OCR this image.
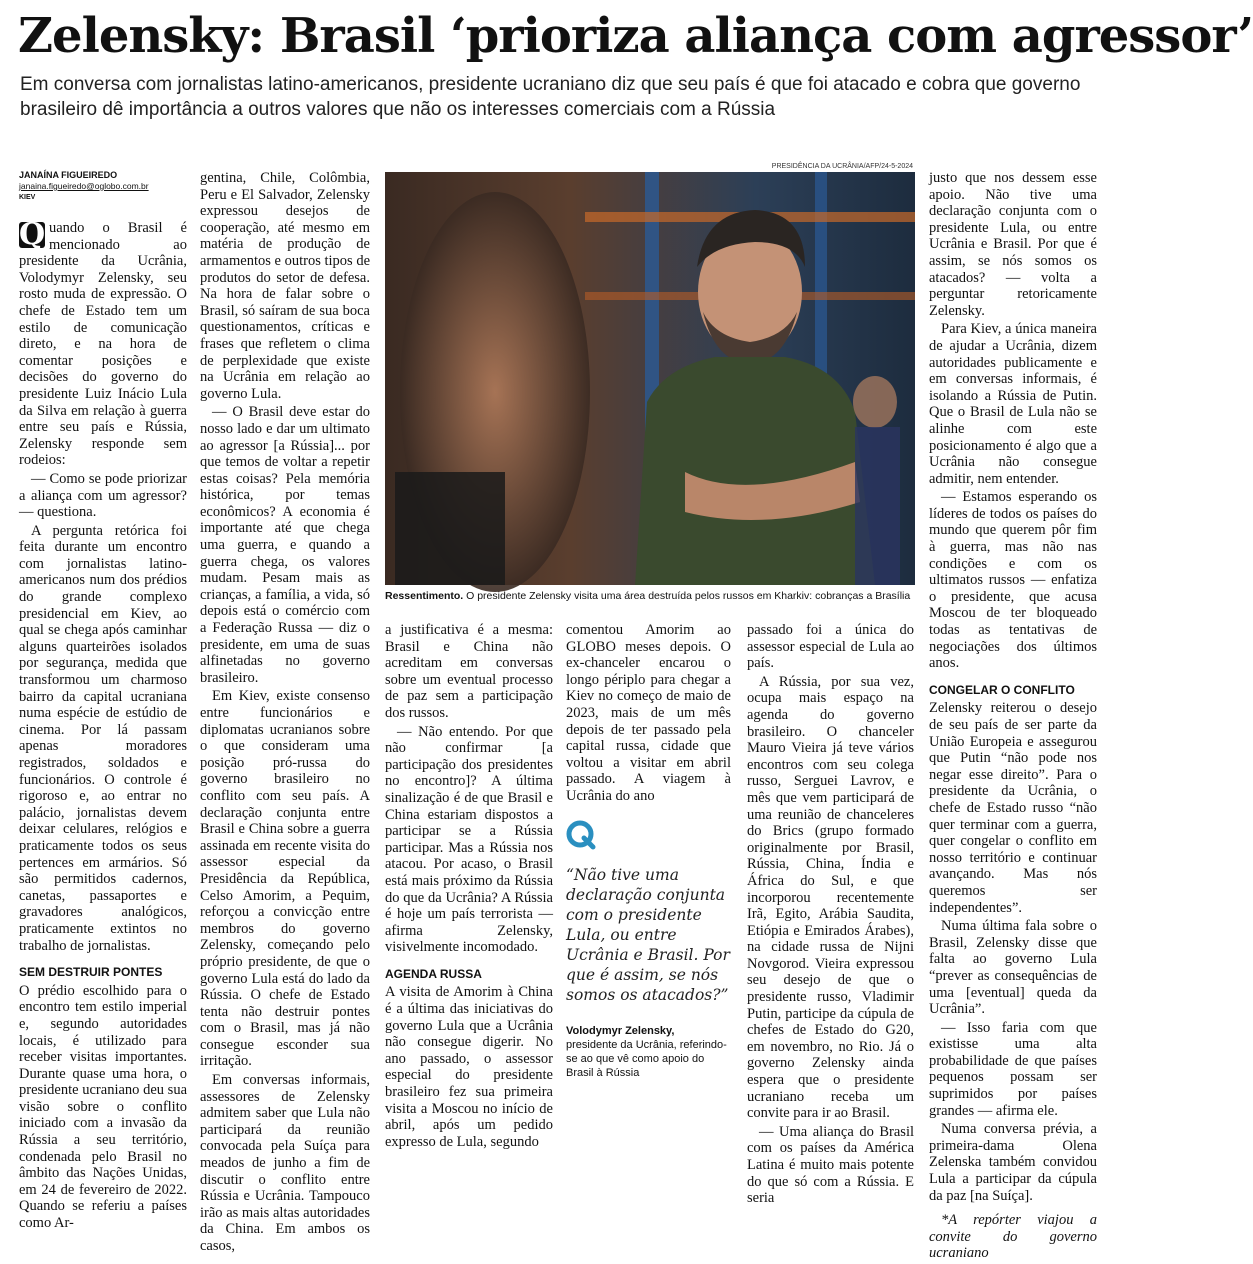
Zelensky: Brasil ‘prioriza aliança com agressor’
Em conversa com jornalistas latino-americanos, presidente ucraniano diz que seu país é que foi atacado e cobra que governo brasileiro dê importância a outros valores que não os interesses comerciais com a Rússia
JANAÍNA FIGUEIREDO
janaina.figueiredo@oglobo.com.br
KIEV

Q uando o Brasil é mencionado ao presidente da Ucrânia, Volodymyr Zelensky, seu rosto muda de expressão. O chefe de Estado tem um estilo de comunicação direto, e na hora de comentar posições e decisões do governo do presidente Luiz Inácio Lula da Silva em relação à guerra entre seu país e Rússia, Zelensky responde sem rodeios:

— Como se pode priorizar a aliança com um agressor? — questiona.

A pergunta retórica foi feita durante um encontro com jornalistas latino-americanos num dos prédios do grande complexo presidencial em Kiev, ao qual se chega após caminhar alguns quarteirões isolados por segurança, medida que transformou um charmoso bairro da capital ucraniana numa espécie de estúdio de cinema. Por lá passam apenas moradores registrados, soldados e funcionários. O controle é rigoroso e, ao entrar no palácio, jornalistas devem deixar celulares, relógios e praticamente todos os seus pertences em armários. Só são permitidos cadernos, canetas, passaportes e gravadores analógicos, praticamente extintos no trabalho de jornalistas.

SEM DESTRUIR PONTES

O prédio escolhido para o encontro tem estilo imperial e, segundo autoridades locais, é utilizado para receber visitas importantes. Durante quase uma hora, o presidente ucraniano deu sua visão sobre o conflito iniciado com a invasão da Rússia a seu território, condenada pelo Brasil no âmbito das Nações Unidas, em 24 de fevereiro de 2022. Quando se referiu a países como Ar-

gentina, Chile, Colômbia, Peru e El Salvador, Zelensky expressou desejos de cooperação, até mesmo em matéria de produção de armamentos e outros tipos de produtos do setor de defesa. Na hora de falar sobre o Brasil, só saíram de sua boca questionamentos, críticas e frases que refletem o clima de perplexidade que existe na Ucrânia em relação ao governo Lula.

— O Brasil deve estar do nosso lado e dar um ultimato ao agressor [a Rússia]... por que temos de voltar a repetir estas coisas? Pela memória histórica, por temas econômicos? A economia é importante até que chega uma guerra, e quando a guerra chega, os valores mudam. Pesam mais as crianças, a família, a vida, só depois está o comércio com a Federação Russa — diz o presidente, em uma de suas alfinetadas no governo brasileiro.

Em Kiev, existe consenso entre funcionários e diplomatas ucranianos sobre o que consideram uma posição pró-russa do governo brasileiro no conflito com seu país. A declaração conjunta entre Brasil e China sobre a guerra assinada em recente visita do assessor especial da Presidência da República, Celso Amorim, a Pequim, reforçou a convicção entre membros do governo Zelensky, começando pelo próprio presidente, de que o governo Lula está do lado da Rússia. O chefe de Estado tenta não destruir pontes com o Brasil, mas já não consegue esconder sua irritação.

Em conversas informais, assessores de Zelensky admitem saber que Lula não participará da reunião convocada pela Suíça para meados de junho a fim de discutir o conflito entre Rússia e Ucrânia. Tampouco irão as mais altas autoridades da China. Em ambos os casos,

PRESIDÊNCIA DA UCRÂNIA/AFP/24-5-2024
Ressentimento. O presidente Zelensky visita uma área destruída pelos russos em Kharkiv: cobranças a Brasília

a justificativa é a mesma: Brasil e China não acreditam em conversas sobre um eventual processo de paz sem a participação dos russos.

— Não entendo. Por que não confirmar [a participação dos presidentes no encontro]? A última sinalização é de que Brasil e China estariam dispostos a participar se a Rússia participar. Mas a Rússia nos atacou. Por acaso, o Brasil está mais próximo da Rússia do que da Ucrânia? A Rússia é hoje um país terrorista — afirma Zelensky, visivelmente incomodado.

AGENDA RUSSA

A visita de Amorim à China é a última das iniciativas do governo Lula que a Ucrânia não consegue digerir. No ano passado, o assessor especial do presidente brasileiro fez sua primeira visita a Moscou no início de abril, após um pedido expresso de Lula, segundo

comentou Amorim ao GLOBO meses depois. O ex-chanceler encarou o longo périplo para chegar a Kiev no começo de maio de 2023, mais de um mês depois de ter passado pela capital russa, cidade que voltou a visitar em abril passado. A viagem à Ucrânia do ano

“Não tive uma declaração conjunta com o presidente Lula, ou entre Ucrânia e Brasil. Por que é assim, se nós somos os atacados?”
Volodymyr Zelensky,
presidente da Ucrânia, referindo-se ao que vê como apoio do Brasil à Rússia

passado foi a única do assessor especial de Lula ao país.

A Rússia, por sua vez, ocupa mais espaço na agenda do governo brasileiro. O chanceler Mauro Vieira já teve vários encontros com seu colega russo, Serguei Lavrov, e mês que vem participará de uma reunião de chanceleres do Brics (grupo formado originalmente por Brasil, Rússia, China, Índia e África do Sul, e que incorporou recentemente Irã, Egito, Arábia Saudita, Etiópia e Emirados Árabes), na cidade russa de Nijni Novgorod. Vieira expressou seu desejo de que o presidente russo, Vladimir Putin, participe da cúpula de chefes de Estado do G20, em novembro, no Rio. Já o governo Zelensky ainda espera que o presidente ucraniano receba um convite para ir ao Brasil.

— Uma aliança do Brasil com os países da América Latina é muito mais potente do que só com a Rússia. E seria

justo que nos dessem esse apoio. Não tive uma declaração conjunta com o presidente Lula, ou entre Ucrânia e Brasil. Por que é assim, se nós somos os atacados? — volta a perguntar retoricamente Zelensky.

Para Kiev, a única maneira de ajudar a Ucrânia, dizem autoridades publicamente e em conversas informais, é isolando a Rússia de Putin. Que o Brasil de Lula não se alinhe com este posicionamento é algo que a Ucrânia não consegue admitir, nem entender.

— Estamos esperando os líderes de todos os países do mundo que querem pôr fim à guerra, mas não nas condições e com os ultimatos russos — enfatiza o presidente, que acusa Moscou de ter bloqueado todas as tentativas de negociações dos últimos anos.

CONGELAR O CONFLITO

Zelensky reiterou o desejo de seu país de ser parte da União Europeia e assegurou que Putin “não pode nos negar esse direito”. Para o presidente da Ucrânia, o chefe de Estado russo “não quer terminar com a guerra, quer congelar o conflito em nosso território e continuar avançando. Mas nós queremos ser independentes”.

Numa última fala sobre o Brasil, Zelensky disse que falta ao governo Lula “prever as consequências de uma [eventual] queda da Ucrânia”.

— Isso faria com que existisse uma alta probabilidade de que países pequenos possam ser suprimidos por países grandes — afirma ele.

Numa conversa prévia, a primeira-dama Olena Zelenska também convidou Lula a participar da cúpula da paz [na Suíça].

*A repórter viajou a convite do governo ucraniano
